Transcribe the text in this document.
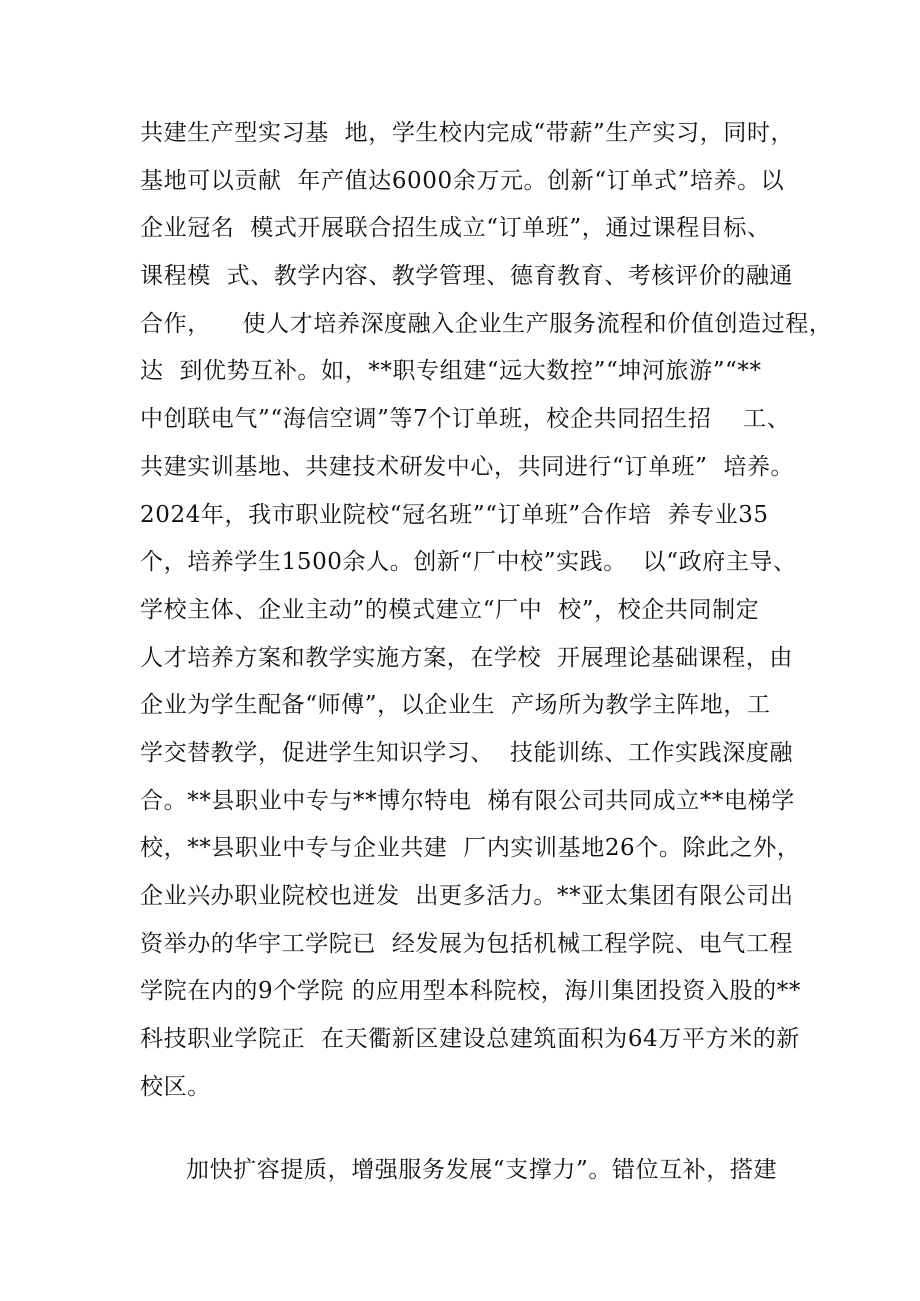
共建生产型实习基  地，学生校内完成“带薪”生产实习，同时，
基地可以贡献  年产值达6000余万元。创新“订单式”培养。以
企业冠名  模式开展联合招生成立“订单班”，通过课程目标、
课程模  式、教学内容、教学管理、德育教育、考核评价的融通
合作，    使人才培养深度融入企业生产服务流程和价值创造过程，
达  到优势互补。如，**职专组建“远大数控”“坤河旅游”“**
中创联电气”“海信空调”等7个订单班，校企共同招生招    工、
共建实训基地、共建技术研发中心，共同进行“订单班”  培养。
2024年，我市职业院校“冠名班”“订单班”合作培  养专业35
个，培养学生1500余人。创新“厂中校”实践。  以“政府主导、
学校主体、企业主动”的模式建立“厂中  校”，校企共同制定
人才培养方案和教学实施方案，在学校  开展理论基础课程，由
企业为学生配备“师傅”，以企业生  产场所为教学主阵地，工
学交替教学，促进学生知识学习、  技能训练、工作实践深度融
合。**县职业中专与**博尔特电  梯有限公司共同成立**电梯学
校，**县职业中专与企业共建  厂内实训基地26个。除此之外，
企业兴办职业院校也迸发  出更多活力。**亚太集团有限公司出
资举办的华宇工学院已  经发展为包括机械工程学院、电气工程
学院在内的9个学院 的应用型本科院校，海川集团投资入股的**
科技职业学院正  在天衢新区建设总建筑面积为64万平方米的新
校区。
加快扩容提质，增强服务发展“支撑力”。错位互补，搭建
